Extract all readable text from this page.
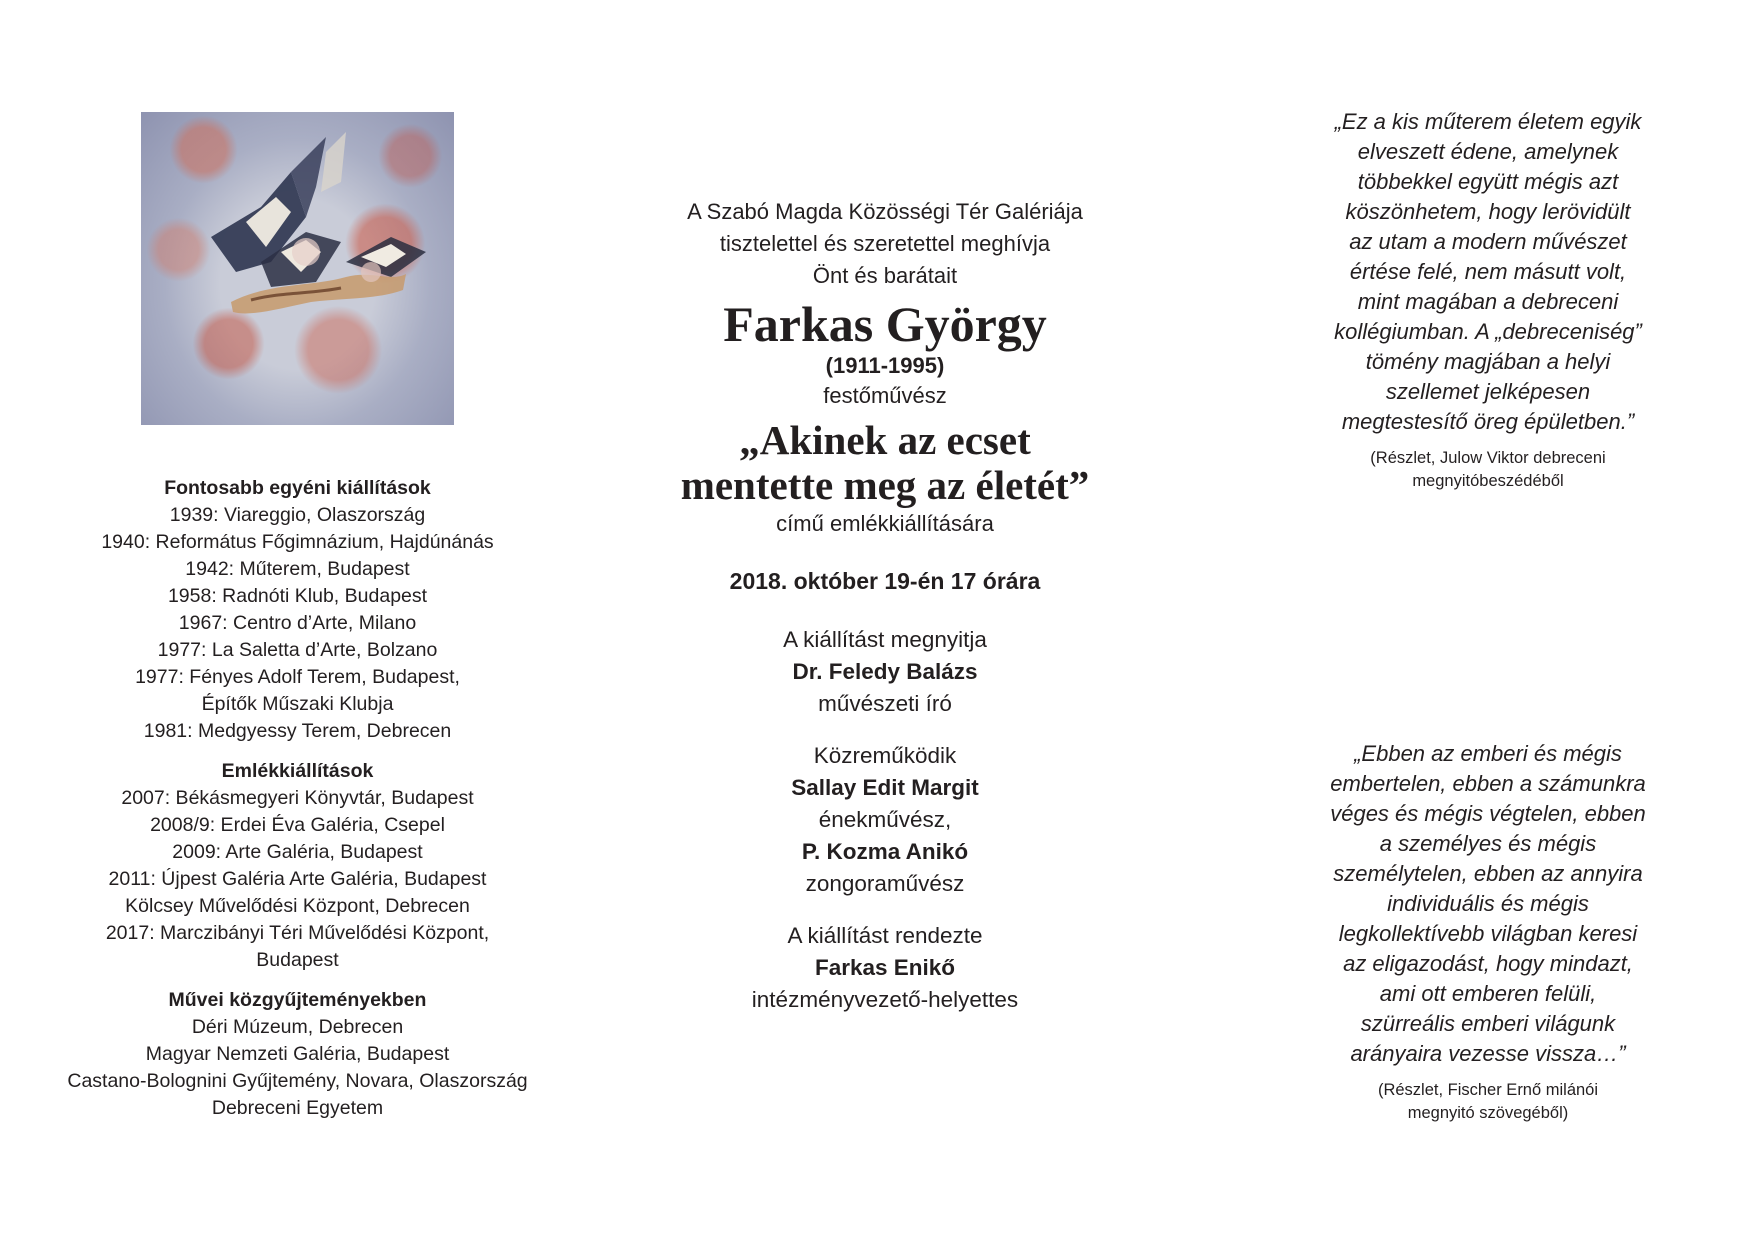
Fontosabb egyéni kiállítások
1939: Viareggio, Olaszország
1940: Református Főgimnázium, Hajdúnánás
1942: Műterem, Budapest
1958: Radnóti Klub, Budapest
1967: Centro d’Arte, Milano
1977: La Saletta d’Arte, Bolzano
1977: Fényes Adolf Terem, Budapest,
Építők Műszaki Klubja
1981: Medgyessy Terem, Debrecen
Emlékkiállítások
2007: Békásmegyeri Könyvtár, Budapest
2008/9: Erdei Éva Galéria, Csepel
2009: Arte Galéria, Budapest
2011: Újpest Galéria Arte Galéria, Budapest
Kölcsey Művelődési Központ, Debrecen
2017: Marczibányi Téri Művelődési Központ,
Budapest
Művei közgyűjteményekben
Déri Múzeum, Debrecen
Magyar Nemzeti Galéria, Budapest
Castano-Bolognini Gyűjtemény, Novara, Olaszország
Debreceni Egyetem
A Szabó Magda Közösségi Tér Galériája
tisztelettel és szeretettel meghívja
Önt és barátait
Farkas György
(1911-1995)
festőművész
„Akinek az ecset
mentette meg az életét”
című emlékkiállítására
2018. október 19-én 17 órára
A kiállítást megnyitja
Dr. Feledy Balázs
művészeti író
Közreműködik
Sallay Edit Margit
énekművész,
P. Kozma Anikó
zongoraművész
A kiállítást rendezte
Farkas Enikő
intézményvezető-helyettes
„Ez a kis műterem életem egyik
elveszett édene, amelynek
többekkel együtt mégis azt
köszönhetem, hogy lerövidült
az utam a modern művészet
értése felé, nem másutt volt,
mint magában a debreceni
kollégiumban. A „debreceniség”
tömény magjában a helyi
szellemet jelképesen
megtestesítő öreg épületben.”
(Részlet, Julow Viktor debreceni
megnyitóbeszédéből
„Ebben az emberi és mégis
embertelen, ebben a számunkra
véges és mégis végtelen, ebben
a személyes és mégis
személytelen, ebben az annyira
individuális és mégis
legkollektívebb világban keresi
az eligazodást, hogy mindazt,
ami ott emberen felüli,
szürreális emberi világunk
arányaira vezesse vissza…”
(Részlet, Fischer Ernő milánói
megnyitó szövegéből)
